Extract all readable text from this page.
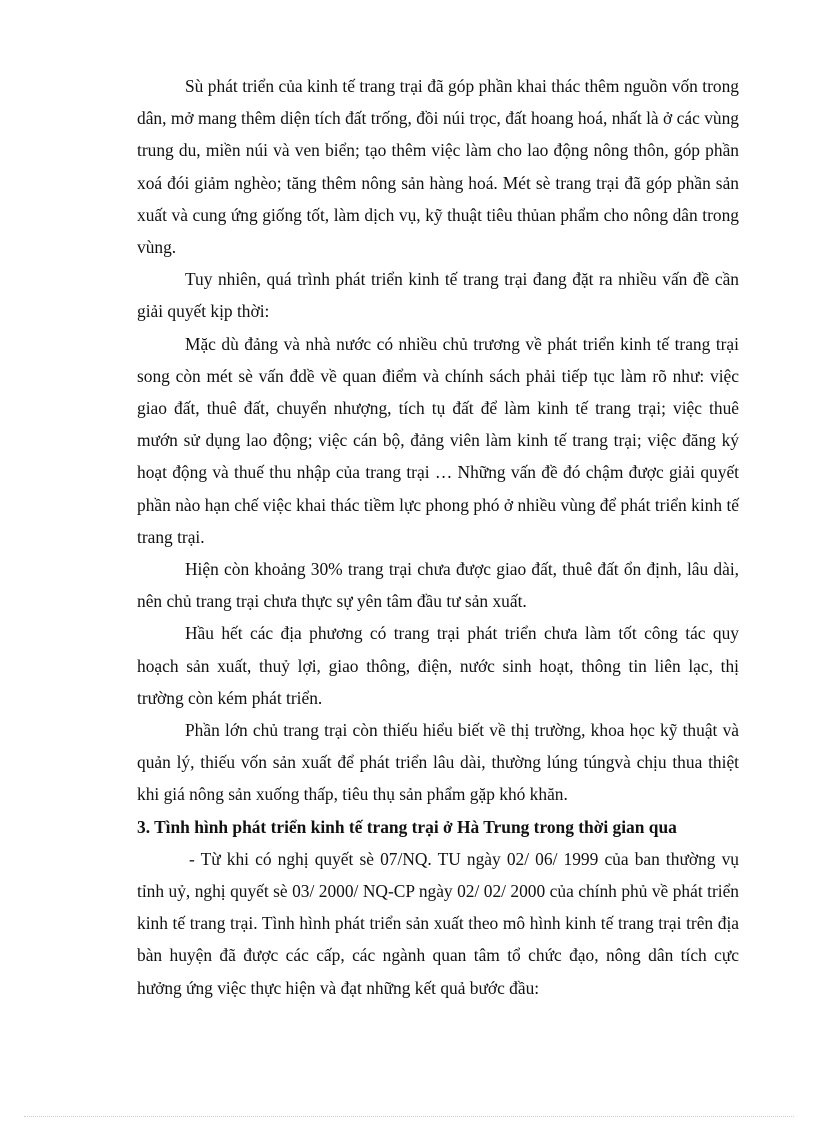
Sù phát triển của kinh tế trang trại đã góp phần khai thác thêm nguồn vốn trong dân, mở mang thêm diện tích đất trống, đồi núi trọc, đất hoang hoá, nhất là ở các vùng trung du, miền núi và ven biển; tạo thêm việc làm cho lao động nông thôn, góp phần xoá đói giảm nghèo; tăng thêm nông sản hàng hoá. Mét sè trang trại đã góp phần sản xuất và cung ứng giống tốt, làm dịch vụ, kỹ thuật tiêu thủan phẩm cho nông dân trong vùng.

Tuy nhiên, quá trình phát triển kinh tế trang trại đang đặt ra nhiều vấn đề cần giải quyết kịp thời:

Mặc dù đảng và nhà nước có nhiều chủ trương về phát triển kinh tế trang trại song còn mét sè vấn đdề về quan điểm và chính sách phải tiếp tục làm rõ như: việc giao đất, thuê đất, chuyển nhượng, tích tụ đất để làm kinh tế trang trại; việc thuê mướn sử dụng lao động; việc cán bộ, đảng viên làm kinh tế trang trại; việc đăng ký hoạt động và thuế thu nhập của trang trại … Những vấn đề đó chậm được giải quyết phần nào hạn chế việc khai thác tiềm lực phong phó ở nhiều vùng để phát triển kinh tế trang trại.

Hiện còn khoảng 30% trang trại chưa được giao đất, thuê đất ổn định, lâu dài, nên chủ trang trại chưa thực sự yên tâm đầu tư sản xuất.

Hầu hết các địa phương có trang trại phát triển chưa làm tốt công tác quy hoạch sản xuất, thuỷ lợi, giao thông, điện, nước sinh hoạt, thông tin liên lạc, thị trường còn kém phát triển.

Phần lớn chủ trang trại còn thiếu hiểu biết về thị trường, khoa học kỹ thuật và quản lý, thiếu vốn sản xuất để phát triển lâu dài, thường lúng túngvà chịu thua thiệt khi giá nông sản xuống thấp, tiêu thụ sản phẩm gặp khó khăn.

3. Tình hình phát triển kinh tế trang trại ở Hà Trung trong thời gian qua

- Từ khi có nghị quyết sè 07/NQ. TU ngày 02/ 06/ 1999 của ban thường vụ tỉnh uỷ, nghị quyết sè 03/ 2000/ NQ-CP ngày 02/ 02/ 2000 của chính phủ về phát triển kinh tế trang trại. Tình hình phát triển sản xuất theo mô hình kinh tế trang trại trên địa bàn huyện đã được các cấp, các ngành quan tâm tổ chức đạo, nông dân tích cực hưởng ứng việc thực hiện và đạt những kết quả bước đầu:
